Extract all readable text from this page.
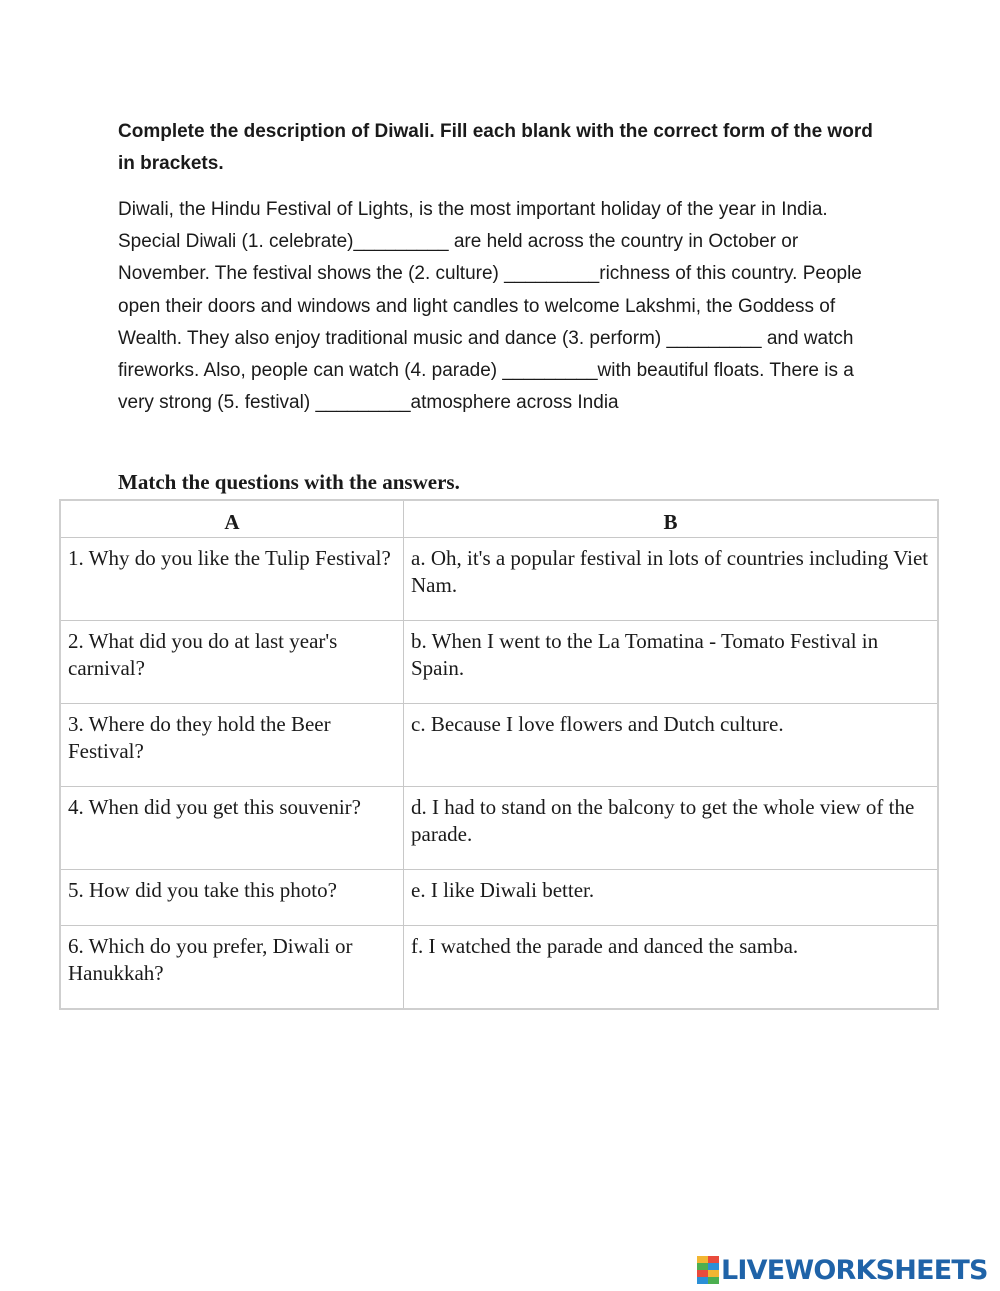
Complete the description of Diwali. Fill each blank with the correct form of the word in brackets.

Diwali, the Hindu Festival of Lights, is the most important holiday of the year in India. Special Diwali (1. celebrate)_________ are held across the country in October or November. The festival shows the (2. culture) _________richness of this country. People open their doors and windows and light candles to welcome Lakshmi, the Goddess of Wealth. They also enjoy traditional music and dance (3. perform) _________ and watch fireworks. Also, people can watch (4. parade) _________with beautiful floats. There is a very strong (5. festival) _________atmosphere across India

Match the questions with the answers.

A	B
1. Why do you like the Tulip Festival?	a. Oh, it's a popular festival in lots of countries including Viet Nam.
2. What did you do at last year's carnival?	b. When I went to the La Tomatina - Tomato Festival in Spain.
3. Where do they hold the Beer Festival?	c. Because I love flowers and Dutch culture.
4. When did you get this souvenir?	d. I had to stand on the balcony to get the whole view of the parade.
5. How did you take this photo?	e. I like Diwali better.
6. Which do you prefer, Diwali or Hanukkah?	f. I watched the parade and danced the samba.
LIVEWORKSHEETS
